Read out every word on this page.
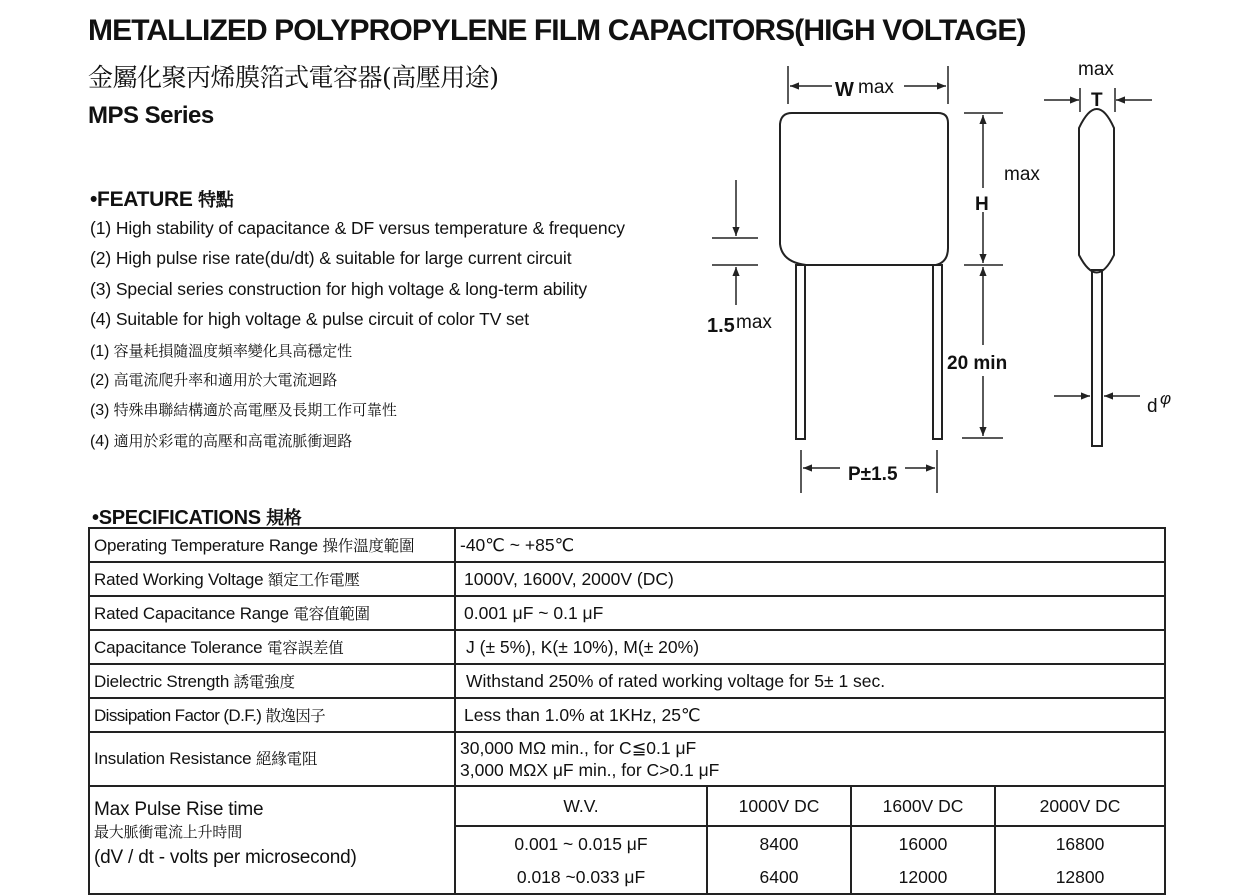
METALLIZED POLYPROPYLENE FILM CAPACITORS(HIGH VOLTAGE)
金屬化聚丙烯膜箔式電容器(高壓用途)
MPS Series
•FEATURE 特點
(1) High stability of capacitance & DF versus temperature & frequency
(2) High pulse rise rate(du/dt) & suitable for large current circuit
(3) Special series construction for high voltage & long-term ability
(4) Suitable for high voltage & pulse circuit of color TV set
(1) 容量耗損隨溫度頻率變化具高穩定性
(2) 高電流爬升率和適用於大電流迴路
(3) 特殊串聯結構適於高電壓及長期工作可靠性
(4) 適用於彩電的高壓和高電流脈衝迴路
W max
max
T
max
H
1.5 max
20 min
P±1.5
d φ
•SPECIFICATIONS 規格
Operating Temperature Range 操作溫度範圍	-40℃ ~ +85℃			
Rated Working Voltage 額定工作電壓	1000V, 1600V, 2000V (DC)			
Rated Capacitance Range 電容值範圍	0.001 μF ~ 0.1 μF			
Capacitance Tolerance 電容誤差值	J (± 5%), K(± 10%), M(± 20%)			
Dielectric Strength 誘電強度	Withstand 250% of rated working voltage for 5± 1 sec.			
Dissipation Factor (D.F.) 散逸因子	Less than 1.0% at 1KHz, 25℃			
Insulation Resistance 絕緣電阻	30,000 MΩ min., for C≦0.1 μF
3,000 MΩX μF min., for C>0.1 μF			

Max Pulse Rise time
最大脈衝電流上升時間
(dV / dt - volts per microsecond)	W.V.	1000V DC	1600V DC	2000V DC
	0.001 ~ 0.015 μF	8400	16000	16800
	0.018 ~0.033 μF	6400	12000	12800
